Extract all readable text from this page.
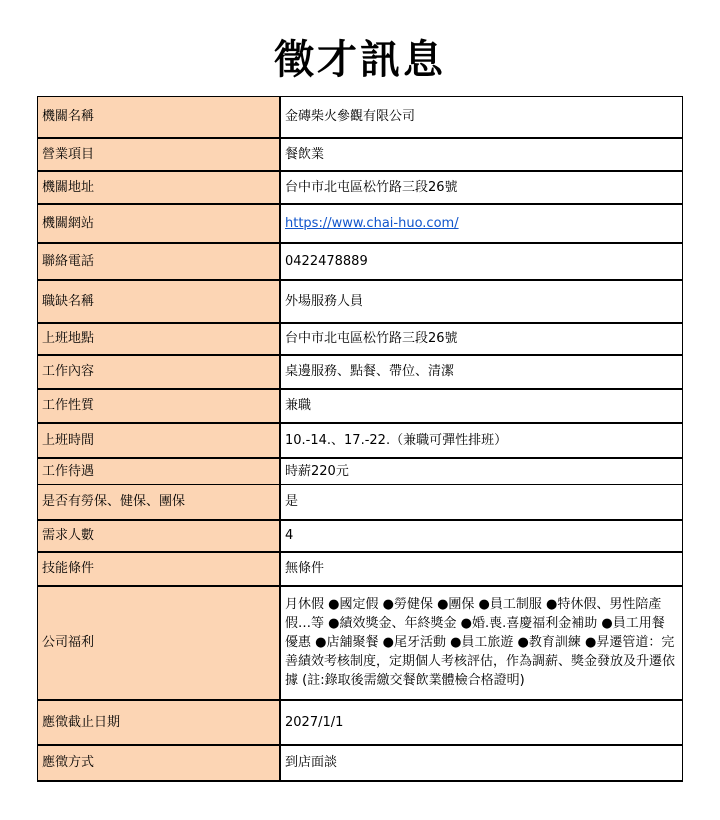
徵才訊息
機關名稱	金磚柴火參觀有限公司
營業項目	餐飲業
機關地址	台中市北屯區松竹路三段26號
機關網站	https://www.chai-huo.com/
聯絡電話	0422478889
職缺名稱	外場服務人員
上班地點	台中市北屯區松竹路三段26號
工作內容	桌邊服務、點餐、帶位、清潔
工作性質	兼職
上班時間	10.-14.、17.-22.（兼職可彈性排班）
工作待遇	時薪220元
是否有勞保、健保、團保	是
需求人數	4
技能條件	無條件
公司福利	月休假 ●國定假 ●勞健保 ●團保 ●員工制服 ●特休假、男性陪產假…等 ●績效獎金、年終獎金 ●婚.喪.喜慶福利金補助 ●員工用餐優惠 ●店舖聚餐 ●尾牙活動 ●員工旅遊 ●教育訓練 ●昇遷管道：完善績效考核制度，定期個人考核評估，作為調薪、獎金發放及升遷依據 (註:錄取後需繳交餐飲業體檢合格證明)

應徵截止日期	2027/1/1
應徵方式	到店面談
